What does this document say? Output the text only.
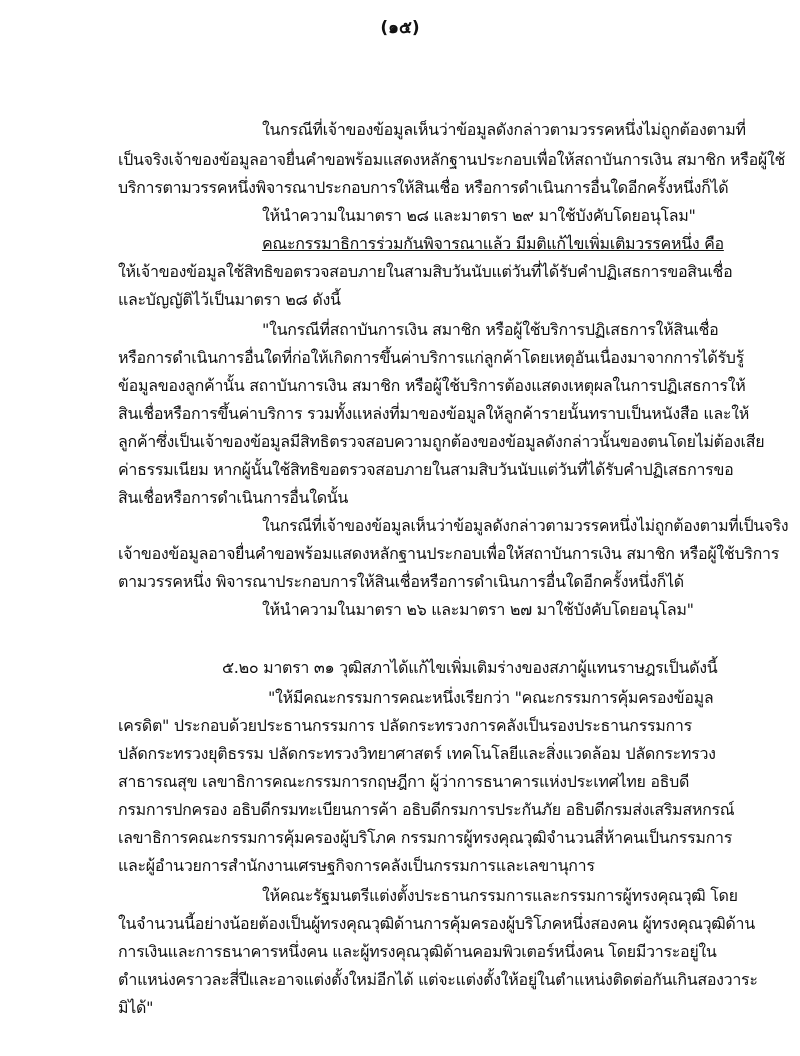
(๑๕)
ในกรณีที่เจ้าของข้อมูลเห็นว่าข้อมูลดังกล่าวตามวรรคหนึ่งไม่ถูกต้องตามที่
เป็นจริงเจ้าของข้อมูลอาจยื่นคำขอพร้อมแสดงหลักฐานประกอบเพื่อให้สถาบันการเงิน สมาชิก หรือผู้ใช้
บริการตามวรรคหนึ่งพิจารณาประกอบการให้สินเชื่อ หรือการดำเนินการอื่นใดอีกครั้งหนึ่งก็ได้
ให้นำความในมาตรา ๒๘ และมาตรา ๒๙ มาใช้บังคับโดยอนุโลม"
คณะกรรมาธิการร่วมกันพิจารณาแล้ว มีมติแก้ไขเพิ่มเติมวรรคหนึ่ง คือ
ให้เจ้าของข้อมูลใช้สิทธิขอตรวจสอบภายในสามสิบวันนับแต่วันที่ได้รับคำปฏิเสธการขอสินเชื่อ
และบัญญัติไว้เป็นมาตรา ๒๘ ดังนี้
"ในกรณีที่สถาบันการเงิน สมาชิก หรือผู้ใช้บริการปฏิเสธการให้สินเชื่อ
หรือการดำเนินการอื่นใดที่ก่อให้เกิดการขึ้นค่าบริการแก่ลูกค้าโดยเหตุอันเนื่องมาจากการได้รับรู้
ข้อมูลของลูกค้านั้น สถาบันการเงิน สมาชิก หรือผู้ใช้บริการต้องแสดงเหตุผลในการปฏิเสธการให้
สินเชื่อหรือการขึ้นค่าบริการ รวมทั้งแหล่งที่มาของข้อมูลให้ลูกค้ารายนั้นทราบเป็นหนังสือ และให้
ลูกค้าซึ่งเป็นเจ้าของข้อมูลมีสิทธิตรวจสอบความถูกต้องของข้อมูลดังกล่าวนั้นของตนโดยไม่ต้องเสีย
ค่าธรรมเนียม หากผู้นั้นใช้สิทธิขอตรวจสอบภายในสามสิบวันนับแต่วันที่ได้รับคำปฏิเสธการขอ
สินเชื่อหรือการดำเนินการอื่นใดนั้น
ในกรณีที่เจ้าของข้อมูลเห็นว่าข้อมูลดังกล่าวตามวรรคหนึ่งไม่ถูกต้องตามที่เป็นจริง
เจ้าของข้อมูลอาจยื่นคำขอพร้อมแสดงหลักฐานประกอบเพื่อให้สถาบันการเงิน สมาชิก หรือผู้ใช้บริการ
ตามวรรคหนึ่ง พิจารณาประกอบการให้สินเชื่อหรือการดำเนินการอื่นใดอีกครั้งหนึ่งก็ได้
ให้นำความในมาตรา ๒๖ และมาตรา ๒๗ มาใช้บังคับโดยอนุโลม"
๕.๒๐ มาตรา ๓๑ วุฒิสภาได้แก้ไขเพิ่มเติมร่างของสภาผู้แทนราษฎรเป็นดังนี้
"ให้มีคณะกรรมการคณะหนึ่งเรียกว่า "คณะกรรมการคุ้มครองข้อมูล
เครดิต" ประกอบด้วยประธานกรรมการ ปลัดกระทรวงการคลังเป็นรองประธานกรรมการ
ปลัดกระทรวงยุติธรรม ปลัดกระทรวงวิทยาศาสตร์ เทคโนโลยีและสิ่งแวดล้อม ปลัดกระทรวง
สาธารณสุข เลขาธิการคณะกรรมการกฤษฎีกา ผู้ว่าการธนาคารแห่งประเทศไทย อธิบดี
กรมการปกครอง อธิบดีกรมทะเบียนการค้า อธิบดีกรมการประกันภัย อธิบดีกรมส่งเสริมสหกรณ์
เลขาธิการคณะกรรมการคุ้มครองผู้บริโภค กรรมการผู้ทรงคุณวุฒิจำนวนสี่ห้าคนเป็นกรรมการ
และผู้อำนวยการสำนักงานเศรษฐกิจการคลังเป็นกรรมการและเลขานุการ
ให้คณะรัฐมนตรีแต่งตั้งประธานกรรมการและกรรมการผู้ทรงคุณวุฒิ โดย
ในจำนวนนี้อย่างน้อยต้องเป็นผู้ทรงคุณวุฒิด้านการคุ้มครองผู้บริโภคหนึ่งสองคน ผู้ทรงคุณวุฒิด้าน
การเงินและการธนาคารหนึ่งคน และผู้ทรงคุณวุฒิด้านคอมพิวเตอร์หนึ่งคน โดยมีวาระอยู่ใน
ตำแหน่งคราวละสี่ปีและอาจแต่งตั้งใหม่อีกได้ แต่จะแต่งตั้งให้อยู่ในตำแหน่งติดต่อกันเกินสองวาระ
มิได้"
